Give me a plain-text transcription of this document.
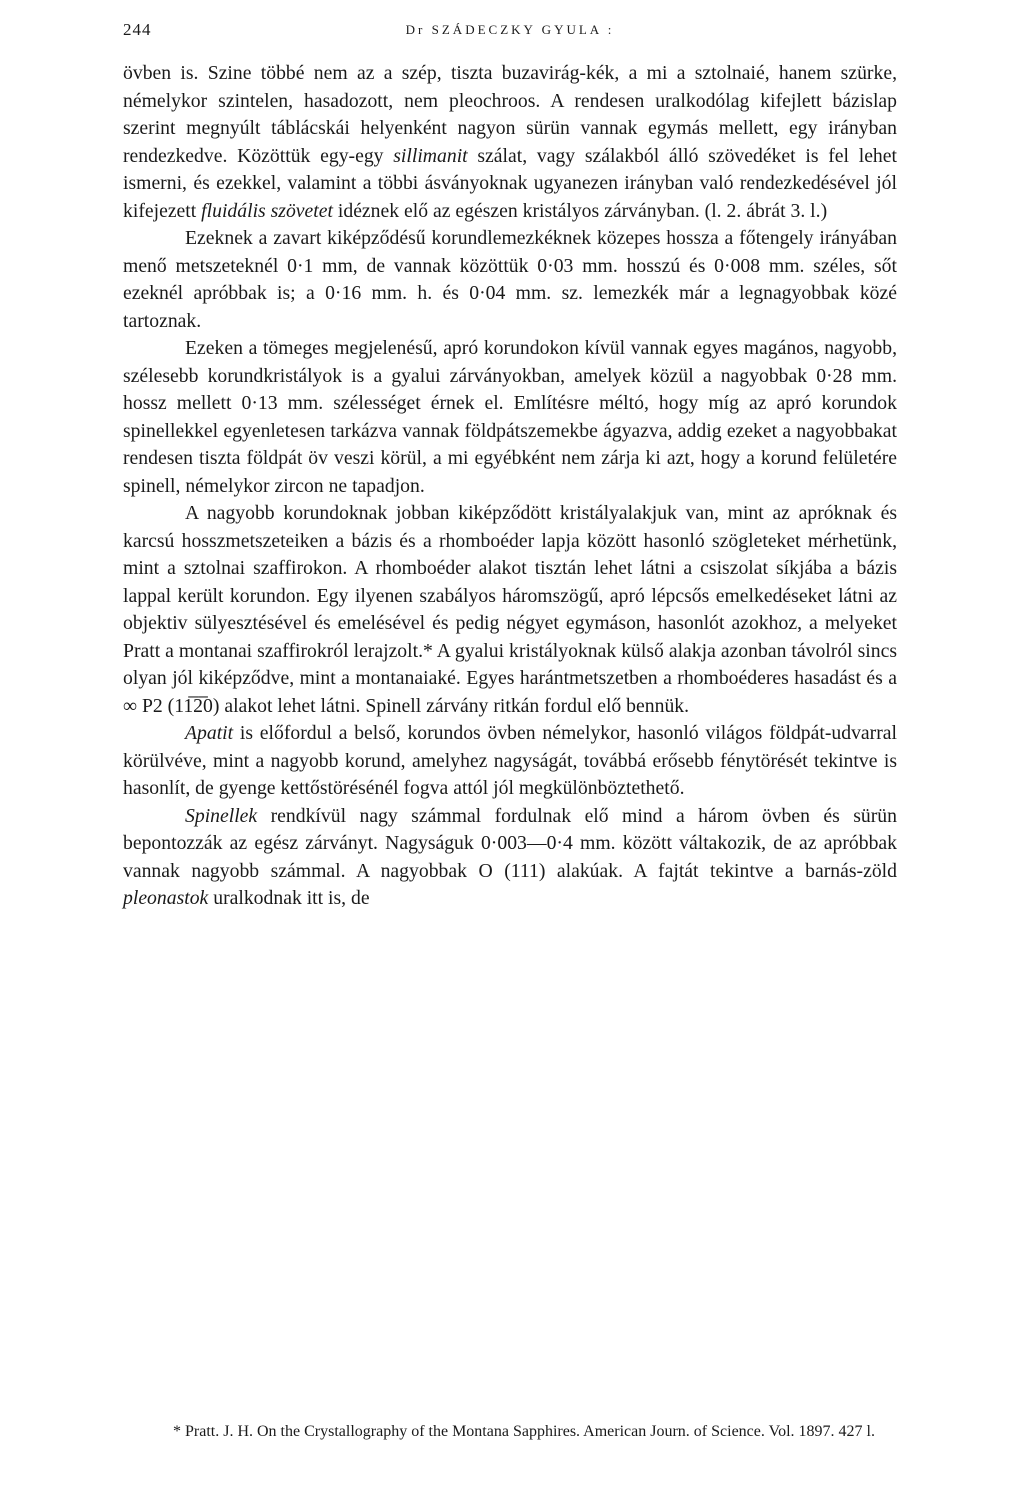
244	Dr SZÁDECZKY GYULA :

övben is. Szine többé nem az a szép, tiszta buzavirág-kék, a mi a sztolnaié, hanem szürke, némelykor szintelen, hasadozott, nem pleochroos. A rendesen uralkodólag kifejlett bázislap szerint megnyúlt táblácskái helyenként nagyon sürün vannak egymás mellett, egy irányban rendezkedve. Közöttük egy-egy sillimanit szálat, vagy szálakból álló szövedéket is fel lehet ismerni, és ezekkel, valamint a többi ásványoknak ugyanezen irányban való rendezkedésével jól kifejezett fluidális szövetet idéznek elő az egészen kristályos zárványban. (l. 2. ábrát 3. l.)

Ezeknek a zavart kiképződésű korundlemezkéknek közepes hossza a főtengely irányában menő metszeteknél 0·1 mm, de vannak közöttük 0·03 mm. hosszú és 0·008 mm. széles, sőt ezeknél apróbbak is; a 0·16 mm. h. és 0·04 mm. sz. lemezkék már a legnagyobbak közé tartoznak.

Ezeken a tömeges megjelenésű, apró korundokon kívül vannak egyes magános, nagyobb, szélesebb korundkristályok is a gyalui zárványokban, amelyek közül a nagyobbak 0·28 mm. hossz mellett 0·13 mm. szélességet érnek el. Említésre méltó, hogy míg az apró korundok spinellekkel egyenletesen tarkázva vannak földpátszemekbe ágyazva, addig ezeket a nagyobbakat rendesen tiszta földpát öv veszi körül, a mi egyébként nem zárja ki azt, hogy a korund felületére spinell, némelykor zircon ne tapadjon.

A nagyobb korundoknak jobban kiképződött kristályalakjuk van, mint az apróknak és karcsú hosszmetszeteiken a bázis és a rhomboéder lapja között hasonló szögleteket mérhetünk, mint a sztolnai szaffirokon. A rhomboéder alakot tisztán lehet látni a csiszolat síkjába a bázis lappal került korundon. Egy ilyenen szabályos háromszögű, apró lépcsős emelkedéseket látni az objektiv sülyesztésével és emelésével és pedig négyet egymáson, hasonlót azokhoz, a melyeket Pratt a montanai szaffirokról lerajzolt.* A gyalui kristályoknak külső alakja azonban távolról sincs olyan jól kiképződve, mint a montanaiaké. Egyes harántmetszetben a rhomboéderes hasadást és a ∞ P2 (11̅2̅0) alakot lehet látni. Spinell zárvány ritkán fordul elő bennük.

Apatit is előfordul a belső, korundos övben némelykor, hasonló világos földpát-udvarral körülvéve, mint a nagyobb korund, amelyhez nagyságát, továbbá erősebb fénytörését tekintve is hasonlít, de gyenge kettőstörésénél fogva attól jól megkülönböztethető.

Spinellek rendkívül nagy számmal fordulnak elő mind a három övben és sürün bepontozzák az egész zárványt. Nagyságuk 0·003—0·4 mm. között váltakozik, de az apróbbak vannak nagyobb számmal. A nagyobbak O (111) alakúak. A fajtát tekintve a barnás-zöld pleonastok uralkodnak itt is, de

* Pratt. J. H. On the Crystallography of the Montana Sapphires. American Journ. of Science. Vol. 1897. 427 l.
